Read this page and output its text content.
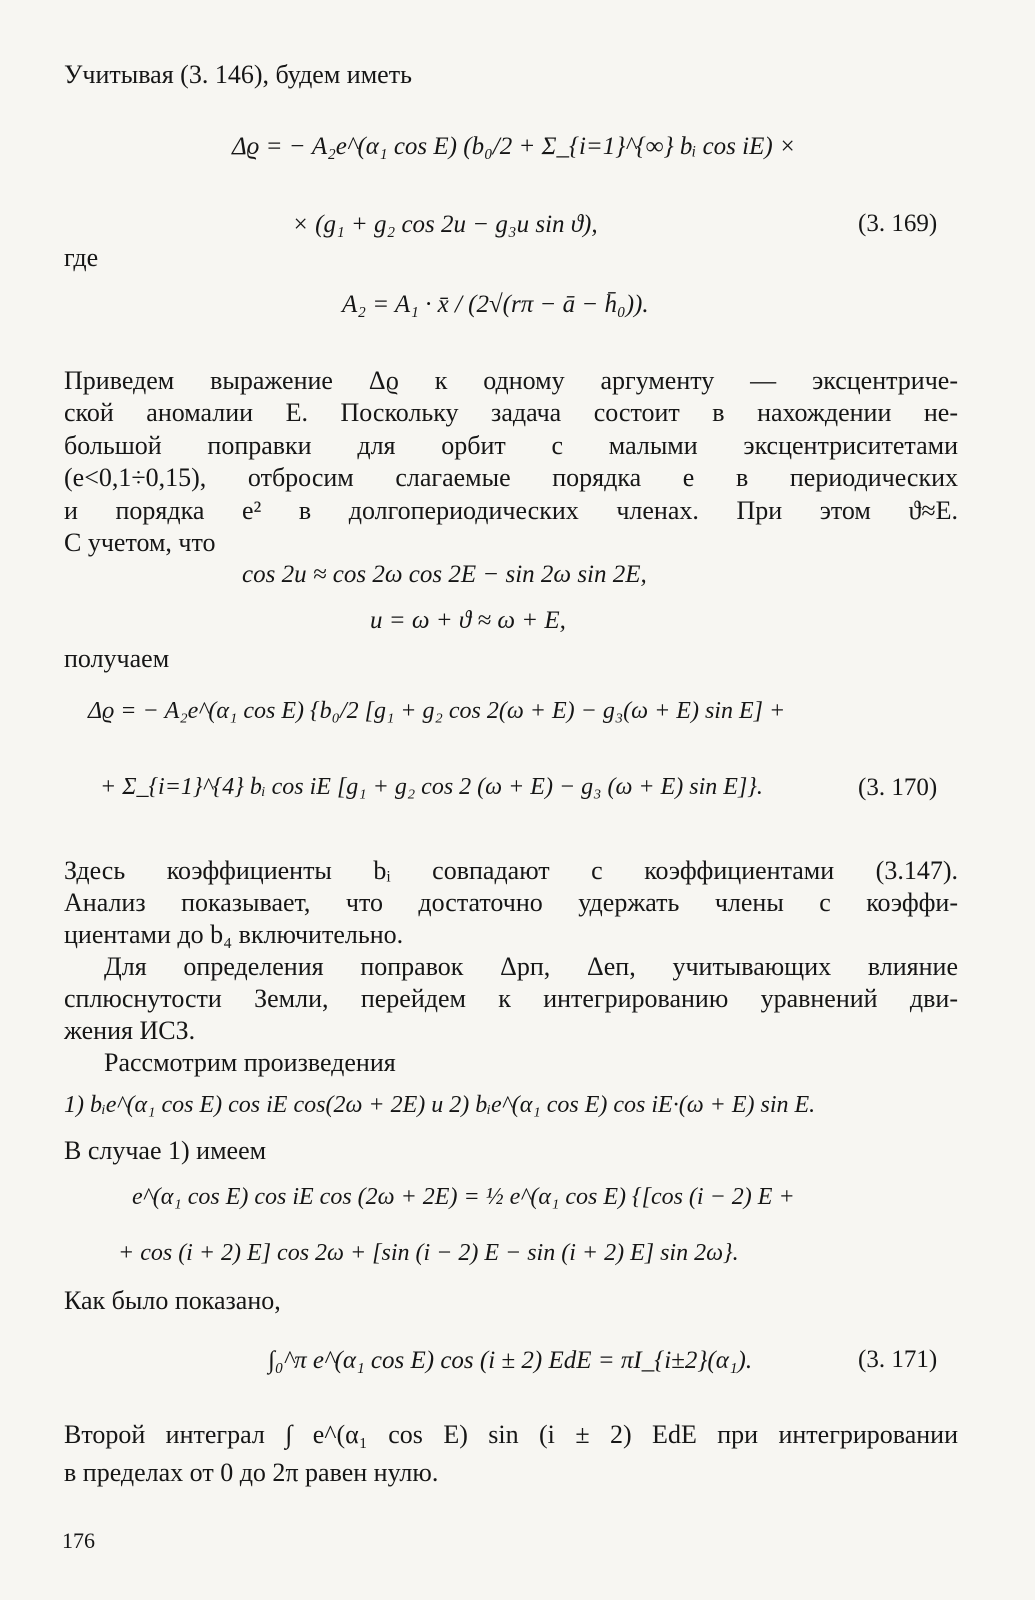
Учитывая (3. 146), будем иметь
Δϱ = − A₂e^(α₁ cos E) (b₀/2 + Σ_{i=1}^{∞} bᵢ cos iE) ×
× (g₁ + g₂ cos 2u − g₃u sin ϑ),	(3. 169)
где
A₂ = A₁ · x̄ / (2√(rπ − ā − h̄₀)).
Приведем выражение Δϱ к одному аргументу — эксцентриче-
ской аномалии E. Поскольку задача состоит в нахождении не-
большой поправки для орбит с малыми эксцентриситетами
(e<0,1÷0,15), отбросим слагаемые порядка e в периодических
и порядка e² в долгопериодических членах. При этом ϑ≈E.
С учетом, что
cos 2u ≈ cos 2ω cos 2E − sin 2ω sin 2E,
u = ω + ϑ ≈ ω + E,
получаем
Δϱ = − A₂e^(α₁ cos E) {b₀/2 [g₁ + g₂ cos 2(ω + E) − g₃(ω + E) sin E] +
+ Σ_{i=1}^{4} bᵢ cos iE [g₁ + g₂ cos 2 (ω + E) − g₃ (ω + E) sin E]}.	(3. 170)
Здесь коэффициенты bᵢ совпадают с коэффициентами (3.147).
Анализ показывает, что достаточно удержать члены с коэффи-
циентами до b₄ включительно.
Для определения поправок Δpп, Δeп, учитывающих влияние
сплюснутости Земли, перейдем к интегрированию уравнений дви-
жения ИСЗ.
Рассмотрим произведения
1) bᵢe^(α₁ cos E) cos iE cos(2ω + 2E) и 2) bᵢe^(α₁ cos E) cos iE·(ω + E) sin E.
В случае 1) имеем
e^(α₁ cos E) cos iE cos (2ω + 2E) = ½ e^(α₁ cos E) {[cos (i − 2) E +
+ cos (i + 2) E] cos 2ω + [sin (i − 2) E − sin (i + 2) E] sin 2ω}.
Как было показано,
∫₀^π e^(α₁ cos E) cos (i ± 2) EdE = πI_{i±2}(α₁).	(3. 171)
Второй интеграл ∫ e^(α₁ cos E) sin (i ± 2) EdE при интегрировании
в пределах от 0 до 2π равен нулю.
176
